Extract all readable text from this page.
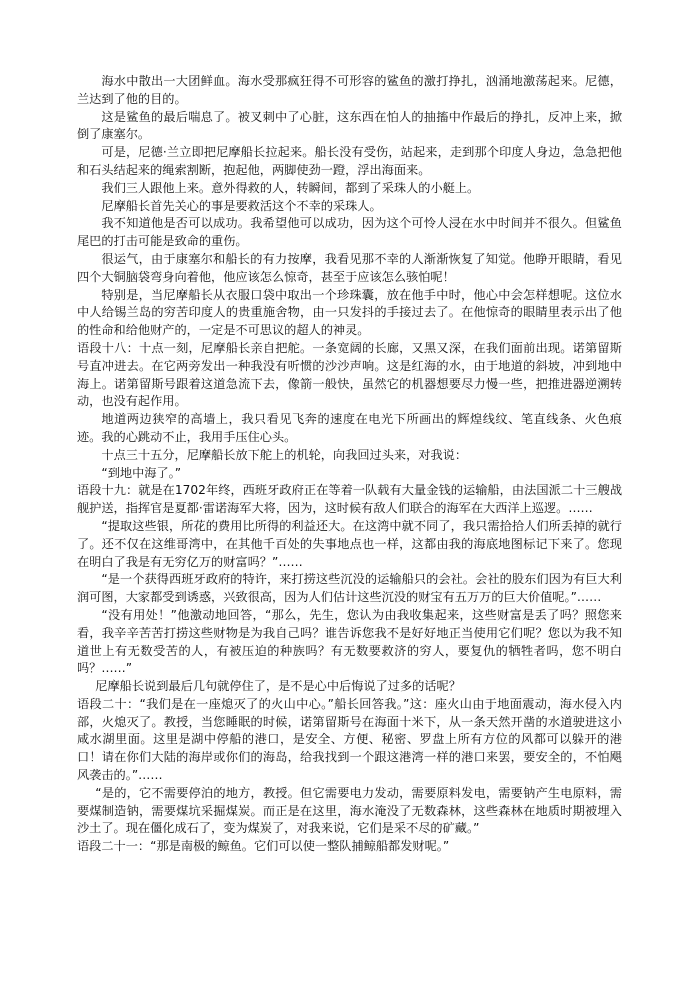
海水中散出一大团鲜血。海水受那疯狂得不可形容的鲨鱼的激打挣扎，汹涌地激荡起来。尼德，兰达到了他的目的。

这是鲨鱼的最后喘息了。被叉刺中了心脏，这东西在怕人的抽搐中作最后的挣扎，反冲上来，掀倒了康塞尔。

可是，尼德·兰立即把尼摩船长拉起来。船长没有受伤，站起来，走到那个印度人身边，急急把他和石头结起来的绳索割断，抱起他，两脚使劲一蹬，浮出海面来。

我们三人跟他上来。意外得救的人，转瞬间，都到了采珠人的小艇上。

尼摩船长首先关心的事是要救活这个不幸的采珠人。

我不知道他是否可以成功。我希望他可以成功，因为这个可怜人浸在水中时间并不很久。但鲨鱼尾巴的打击可能是致命的重伤。

很运气，由于康塞尔和船长的有力按摩，我看见那不幸的人渐渐恢复了知觉。他睁开眼睛，看见四个大铜脑袋弯身向着他，他应该怎么惊奇，甚至于应该怎么骇怕呢！

特别是，当尼摩船长从衣服口袋中取出一个珍珠囊，放在他手中时，他心中会怎样想呢。这位水中人给锡兰岛的穷苦印度人的贵重施舍物，由一只发抖的手接过去了。在他惊奇的眼睛里表示出了他的性命和给他财产的，一定是不可思议的超人的神灵。

语段十八：十点一刻，尼摩船长亲自把舵。一条宽阔的长廊，又黑又深，在我们面前出现。诺第留斯号直冲进去。在它两旁发出一种我没有听惯的沙沙声响。这是红海的水，由于地道的斜坡，冲到地中海上。诺第留斯号跟着这道急流下去，像箭一般快，虽然它的机器想要尽力慢一些，把推进器逆溯转动，也没有起作用。

地道两边狭窄的高墙上，我只看见飞奔的速度在电光下所画出的辉煌线纹、笔直线条、火色痕迹。我的心跳动不止，我用手压住心头。

十点三十五分，尼摩船长放下舵上的机轮，向我回过头来，对我说：

“到地中海了。”

语段十九：就是在1702年终，西班牙政府正在等着一队载有大量金钱的运输船，由法国派二十三艘战舰护送，指挥官是夏都·雷诺海军大将，因为，这时候有敌人们联合的海军在大西洋上巡逻。……

“提取这些银，所花的费用比所得的利益还大。在这湾中就不同了，我只需拾拾人们所丢掉的就行了。还不仅在这维哥湾中，在其他千百处的失事地点也一样，这都由我的海底地图标记下来了。您现在明白了我是有无穷亿万的财富吗？”……

“是一个获得西班牙政府的特许，来打捞这些沉没的运输船只的会社。会社的股东们因为有巨大利润可图，大家都受到诱惑，兴致很高，因为人们估计这些沉没的财宝有五万万的巨大价值呢。”……

“没有用处！”他激动地回答，“那么，先生，您认为由我收集起来，这些财富是丢了吗？照您来看，我辛辛苦苦打捞这些财物是为我自己吗？谁告诉您我不是好好地正当使用它们呢？您以为我不知道世上有无数受苦的人，有被压迫的种族吗？有无数要救济的穷人，要复仇的牺牲者吗，您不明白吗？……”

尼摩船长说到最后几句就停住了，是不是心中后悔说了过多的话呢？

语段二十：“我们是在一座熄灭了的火山中心。”船长回答我。”这：座火山由于地面震动，海水侵入内部，火熄灭了。教授，当您睡眠的时候，诺第留斯号在海面十米下，从一条天然开凿的水道驶进这小咸水湖里面。这里是湖中停船的港口，是安全、方便、秘密、罗盘上所有方位的风都可以躲开的港口！请在你们大陆的海岸或你们的海岛，给我找到一个跟这港湾一样的港口来罢，要安全的，不怕飓风袭击的。”……

“是的，它不需要停泊的地方，教授。但它需要电力发动，需要原料发电，需要钠产生电原料，需要煤制造钠，需要煤坑采掘煤炭。而正是在这里，海水淹没了无数森林，这些森林在地质时期被埋入沙土了。现在僵化成石了，变为煤炭了，对我来说，它们是采不尽的矿藏。”

语段二十一：“那是南极的鲸鱼。它们可以使一整队捕鲸船都发财呢。”
